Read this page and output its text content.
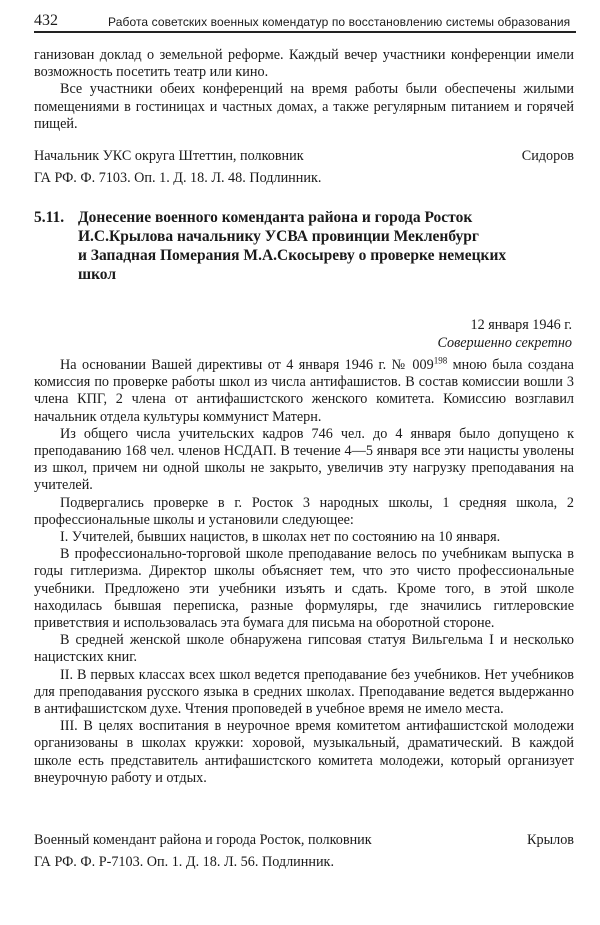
432	Работа советских военных комендатур по восстановлению системы образования

ганизован доклад о земельной реформе. Каждый вечер участники конференции имели возможность посетить театр или кино.

Все участники обеих конференций на время работы были обеспечены жилыми помещениями в гостиницах и частных домах, а также регулярным питанием и горячей пищей.

Начальник УКС округа Штеттин, полковник	Сидоров
ГА РФ. Ф. 7103. Оп. 1. Д. 18. Л. 48. Подлинник.
5.11. Донесение военного коменданта района и города Росток
И.С.Крылова начальнику УСВА провинции Мекленбург
и Западная Померания М.А.Скосыреву о проверке немецких
школ
12 января 1946 г.
Совершенно секретно

На основании Вашей директивы от 4 января 1946 г. № $009^{198}$ мною была создана комиссия по проверке работы школ из числа антифашистов. В состав комиссии вошли 3 члена КПГ, 2 члена от антифашистского женского комитета. Комиссию возглавил начальник отдела культуры коммунист Матерн.

Из общего числа учительских кадров 746 чел. до 4 января было допущено к преподаванию 168 чел. членов НСДАП. В течение 4—5 января все эти нацисты уволены из школ, причем ни одной школы не закрыто, увеличив эту нагрузку преподавания на учителей.

Подвергались проверке в г. Росток 3 народных школы, 1 средняя школа, 2 профессиональные школы и установили следующее:

I. Учителей, бывших нацистов, в школах нет по состоянию на 10 января.

В профессионально-торговой школе преподавание велось по учебникам выпуска в годы гитлеризма. Директор школы объясняет тем, что это чисто профессиональные учебники. Предложено эти учебники изъять и сдать. Кроме того, в этой школе находилась бывшая переписка, разные формуляры, где значились гитлеровские приветствия и использовалась эта бумага для письма на оборотной стороне.

В средней женской школе обнаружена гипсовая статуя Вильгельма I и несколько нацистских книг.

II. В первых классах всех школ ведется преподавание без учебников. Нет учебников для преподавания русского языка в средних школах. Преподавание ведется выдержанно в антифашистском духе. Чтения проповедей в учебное время не имело места.

III. В целях воспитания в неурочное время комитетом антифашистской молодежи организованы в школах кружки: хоровой, музыкальный, драматический. В каждой школе есть представитель антифашистского комитета молодежи, который организует внеурочную работу и отдых.

Военный комендант района и города Росток, полковник	Крылов
ГА РФ. Ф. Р-7103. Оп. 1. Д. 18. Л. 56. Подлинник.
